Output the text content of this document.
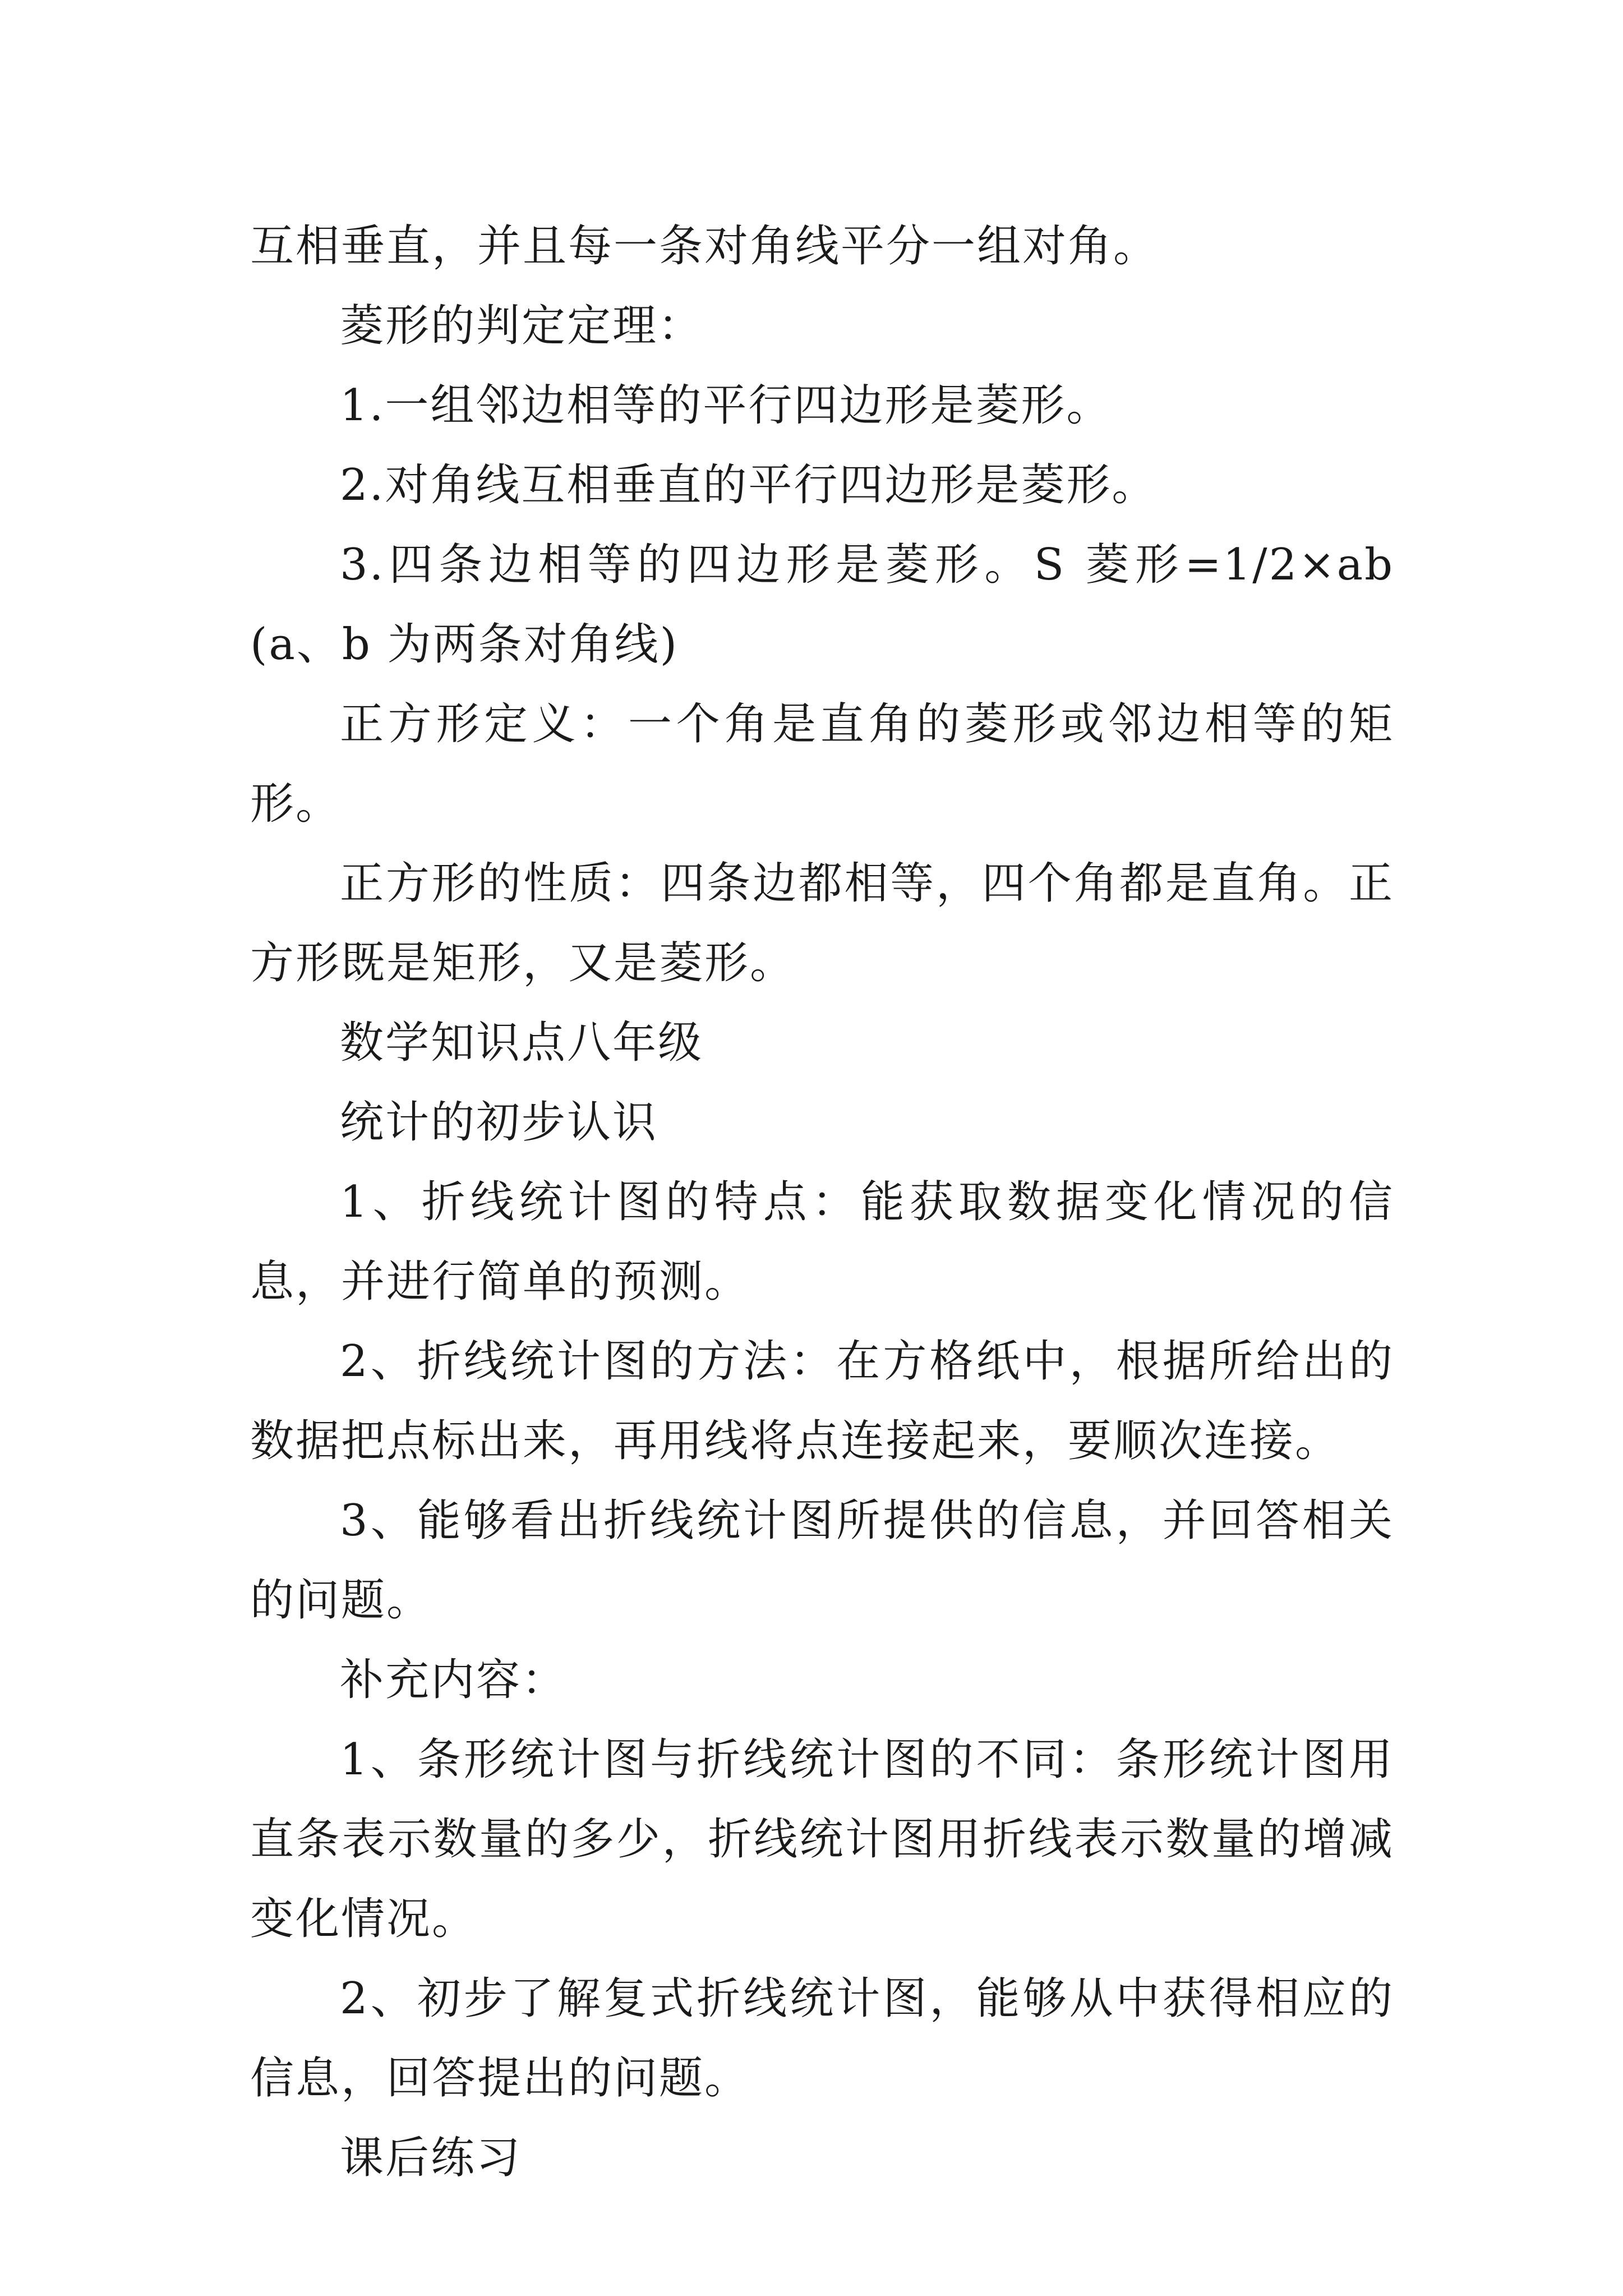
互相垂直，并且每一条对角线平分一组对角。

菱形的判定定理：

1.一组邻边相等的平行四边形是菱形。

2.对角线互相垂直的平行四边形是菱形。

3.四条边相等的四边形是菱形。S 菱形=1/2×ab(a、b 为两条对角线)

正方形定义：一个角是直角的菱形或邻边相等的矩形。

正方形的性质：四条边都相等，四个角都是直角。正方形既是矩形，又是菱形。

数学知识点八年级

统计的初步认识

1、折线统计图的特点：能获取数据变化情况的信息，并进行简单的预测。

2、折线统计图的方法：在方格纸中，根据所给出的数据把点标出来，再用线将点连接起来，要顺次连接。

3、能够看出折线统计图所提供的信息，并回答相关的问题。

补充内容：

1、条形统计图与折线统计图的不同：条形统计图用直条表示数量的多少，折线统计图用折线表示数量的增减变化情况。

2、初步了解复式折线统计图，能够从中获得相应的信息，回答提出的问题。

课后练习
